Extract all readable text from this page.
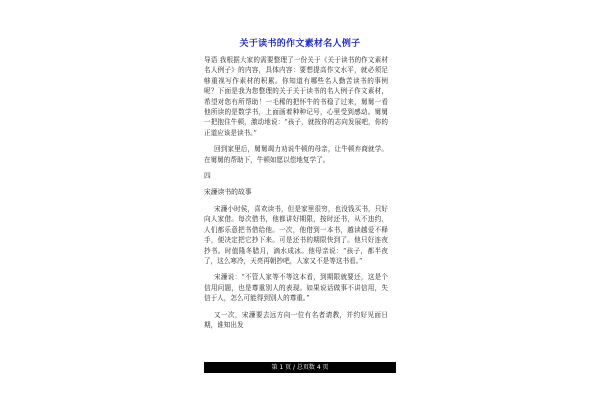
关于读书的作文素材名人例子

导语 我根据大家的需要整理了一份关于《关于读书的作文素材名人例子》的内容，具体内容：要想提高作文水平，就必须足够重视写作素材的积累。你知道有哪些名人勤苦读书的事例呢？下面是我为您整理的关于关于读书的名人例子作文素材，希望对您有所帮助！一毛稀的把怀牛的书稳了过来，舅舅一看他所读的是数学书，上面画着种种记号，心里受到感动。舅舅一把抱住牛顿，激动地说：“孩子，就按你的志向发展吧，你的正道应该是读书。”

回到家里后，舅舅竭力劝说牛顿的母亲，让牛顿弃商就学。在舅舅的帮助下，牛顿如愿以偿地复学了。

四

宋濂读书的故事

宋濂小时侯，喜欢读书，但是家里很穷，也没钱买书，只好向人家借。每次借书，他都讲好期限，按时还书，从不违约，人们都乐意把书借给他。一次，他借到一本书，越读越爱不释手，便决定把它抄下来。可是还书的期限快到了。他只好连夜抄书。时值隆冬腊月，滴水成冰。他母亲说：“孩子，都半夜了，这么寒冷，天亮再朝抄吧，人家又不是等这书看。”

宋濂说：“不管人家等不等这本看，到期限就要还，这是个信用问题，也是尊重别人的表现。如果说话做事不讲信用，失信于人，怎么可能得到别人的尊重。”

又一次，宋濂要去远方向一位有名者请教，并约好见面日期，谁知出发

第 1 页 / 总页数 4 页
